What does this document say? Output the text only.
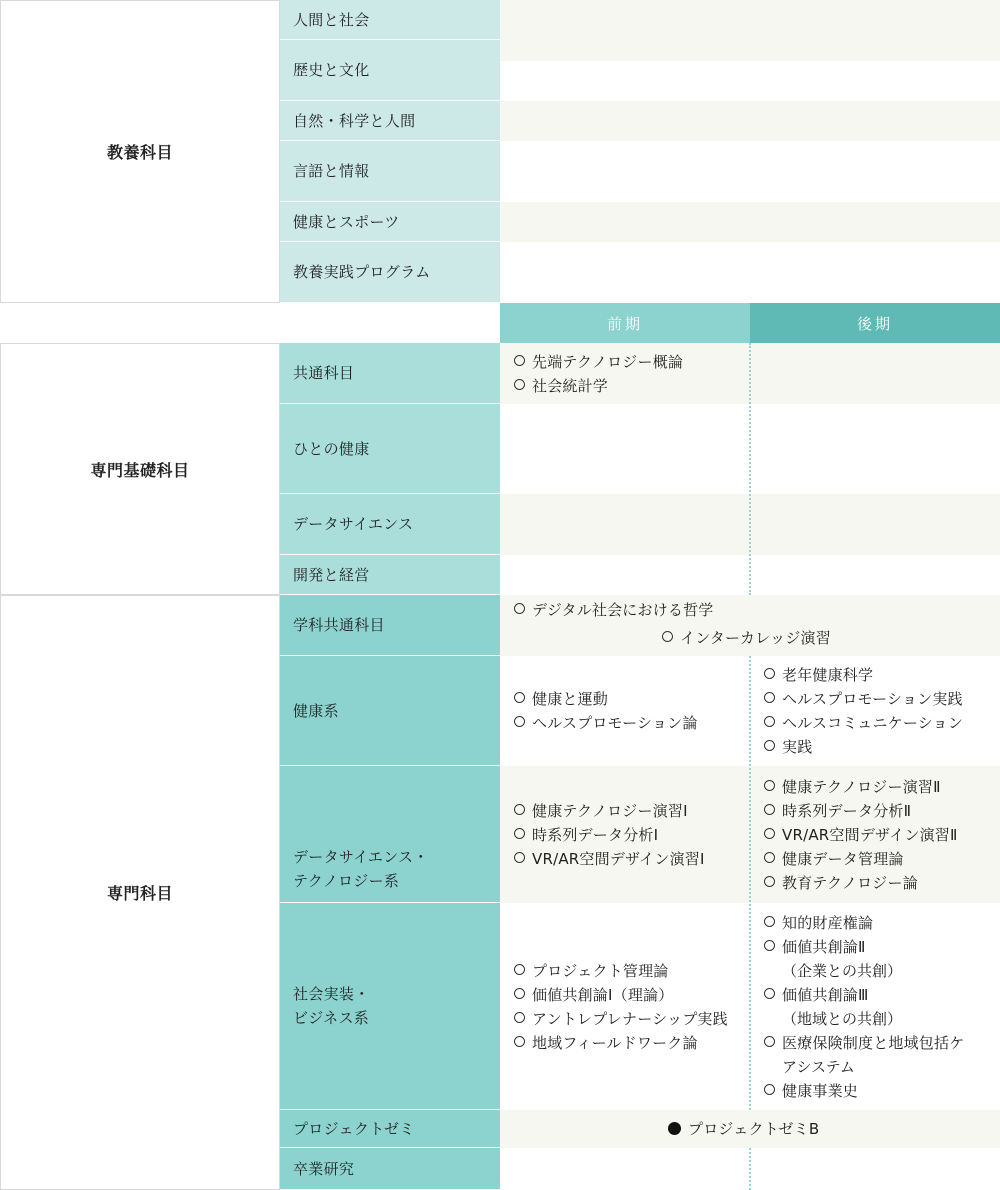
教養科目
人間と社会
歴史と文化
自然・科学と人間
言語と情報
健康とスポーツ
教養実践プログラム
前期	後期
専門基礎科目
共通科目
ひとの健康
データサイエンス
開発と経営
先端テクノロジー概論
社会統計学
専門科目
学科共通科目
健康系
データサイエンス・
テクノロジー系
社会実装・
ビジネス系
プロジェクトゼミ
卒業研究
デジタル社会における哲学
インターカレッジ演習
健康と運動
ヘルスプロモーション論
老年健康科学
ヘルスプロモーション実践
ヘルスコミュニケーション
実践
健康テクノロジー演習Ⅰ
時系列データ分析Ⅰ
VR/AR空間デザイン演習Ⅰ
健康テクノロジー演習Ⅱ
時系列データ分析Ⅱ
VR/AR空間デザイン演習Ⅱ
健康データ管理論
教育テクノロジー論
プロジェクト管理論
価値共創論Ⅰ（理論）
アントレプレナーシップ実践
地域フィールドワーク論
知的財産権論
価値共創論Ⅱ
（企業との共創）
価値共創論Ⅲ
（地域との共創）
医療保険制度と地域包括ケ
アシステム
健康事業史
プロジェクトゼミB
